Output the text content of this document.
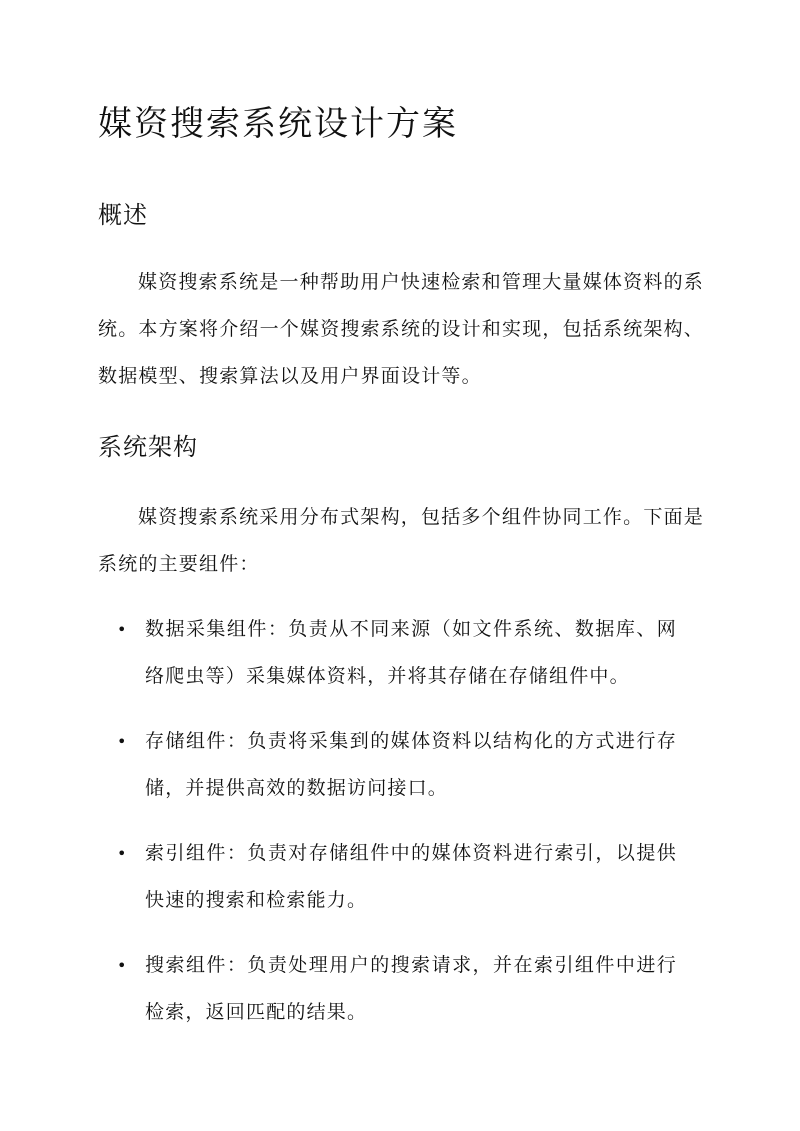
媒资搜索系统设计方案
概述

媒资搜索系统是一种帮助用户快速检索和管理大量媒体资料的系统。本方案将介绍一个媒资搜索系统的设计和实现，包括系统架构、数据模型、搜索算法以及用户界面设计等。

系统架构

媒资搜索系统采用分布式架构，包括多个组件协同工作。下面是系统的主要组件：

• 数据采集组件：负责从不同来源（如文件系统、数据库、网络爬虫等）采集媒体资料，并将其存储在存储组件中。
• 存储组件：负责将采集到的媒体资料以结构化的方式进行存储，并提供高效的数据访问接口。
• 索引组件：负责对存储组件中的媒体资料进行索引，以提供快速的搜索和检索能力。
• 搜索组件：负责处理用户的搜索请求，并在索引组件中进行检索，返回匹配的结果。
